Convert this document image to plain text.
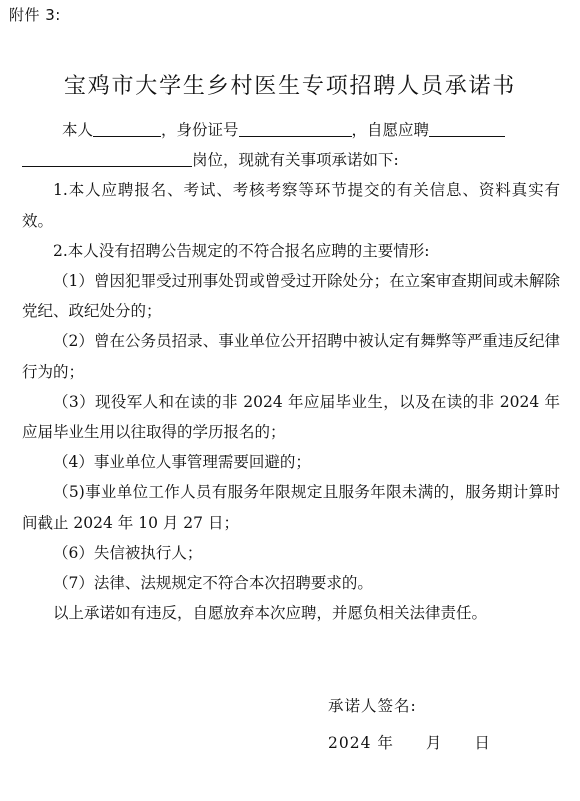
附件 3:
宝鸡市大学生乡村医生专项招聘人员承诺书

本人	，身份证号	，自愿应聘

岗位，现就有关事项承诺如下:

1.本人应聘报名、考试、考核考察等环节提交的有关信息、资料真实有效。

2.本人没有招聘公告规定的不符合报名应聘的主要情形:

（1）曾因犯罪受过刑事处罚或曾受过开除处分；在立案审查期间或未解除党纪、政纪处分的；

（2）曾在公务员招录、事业单位公开招聘中被认定有舞弊等严重违反纪律行为的；

（3）现役军人和在读的非 2024 年应届毕业生，以及在读的非 2024 年应届毕业生用以往取得的学历报名的；

（4）事业单位人事管理需要回避的；

（5)事业单位工作人员有服务年限规定且服务年限未满的，服务期计算时间截止 2024 年 10 月 27 日；

（6）失信被执行人；

（7）法律、法规规定不符合本次招聘要求的。

以上承诺如有违反，自愿放弃本次应聘，并愿负相关法律责任。

承诺人签名:
2024 年 月 日
